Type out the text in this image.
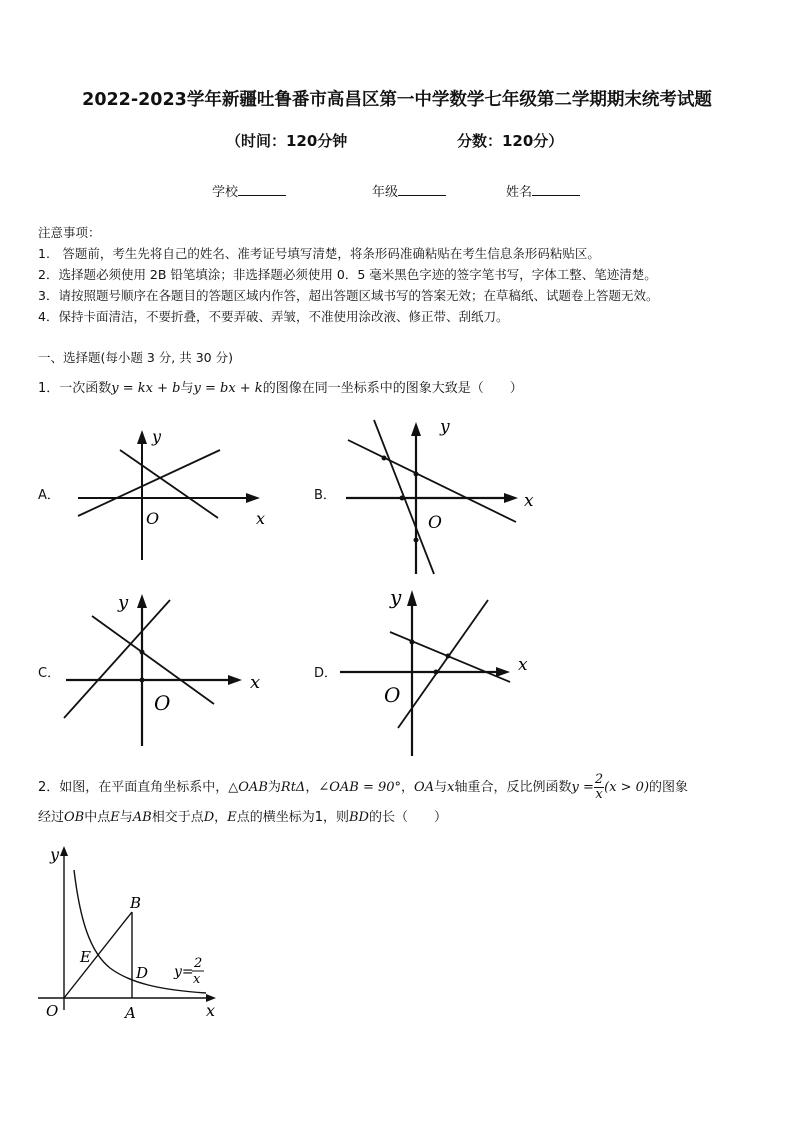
2022-2023学年新疆吐鲁番市高昌区第一中学数学七年级第二学期期末统考试题
（时间：120分钟	分数：120分）
学校	年级	姓名
注意事项：
1.　答题前，考生先将自己的姓名、准考证号填写清楚，将条形码准确粘贴在考生信息条形码粘贴区。
2．选择题必须使用 2B 铅笔填涂；非选择题必须使用 0．5 毫米黑色字迹的签字笔书写，字体工整、笔迹清楚。
3．请按照题号顺序在各题目的答题区域内作答，超出答题区域书写的答案无效；在草稿纸、试题卷上答题无效。
4．保持卡面清洁，不要折叠，不要弄破、弄皱，不准使用涂改液、修正带、刮纸刀。
一、选择题(每小题 3 分, 共 30 分)
1．一次函数y = kx + b与y = bx + k的图像在同一坐标系中的图象大致是（　　）
A．
y
x
O
B．
y
x
O
C．
y
x
O
D．
y
x
O
2．如图，在平面直角坐标系中，△OAB为RtΔ，∠OAB = 90°，OA与x轴重合，反比例函数$y = \frac{2}{x} (x > 0)$的图象
经过OB中点E与AB相交于点D，E点的横坐标为1，则BD的长（　　）
y
x
O	A
B
E
D y=
2
x
